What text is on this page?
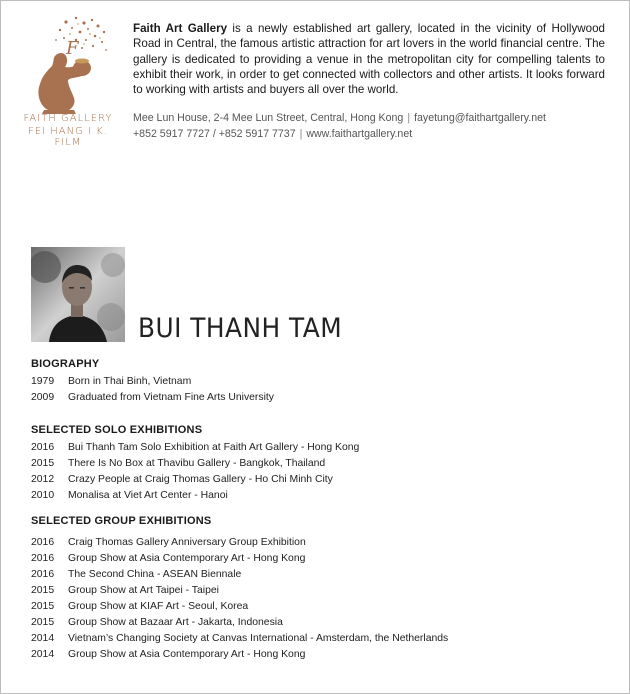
F
FAITH GALLERY
FEI HANG I K. FILM
Faith Art Gallery is a newly established art gallery, located in the vicinity of Hollywood Road in Central, the famous artistic attraction for art lovers in the world financial centre. The gallery is dedicated to providing a venue in the metropolitan city for compelling talents to exhibit their work, in order to get connected with collectors and other artists. It looks forward to working with artists and buyers all over the world.
Mee Lun House, 2-4 Mee Lun Street, Central, Hong Kong | fayetung@faithartgallery.net
+852 5917 7727 / +852 5917 7737 | www.faithartgallery.net
BUI THANH TAM
BIOGRAPHY
1979	Born in Thai Binh, Vietnam
2009	Graduated from Vietnam Fine Arts University
SELECTED SOLO EXHIBITIONS
2016	Bui Thanh Tam Solo Exhibition at Faith Art Gallery - Hong Kong
2015	There Is No Box at Thavibu Gallery - Bangkok, Thailand
2012	Crazy People at Craig Thomas Gallery - Ho Chi Minh City
2010	Monalisa at Viet Art Center - Hanoi
SELECTED GROUP EXHIBITIONS
2016	Craig Thomas Gallery Anniversary Group Exhibition
2016	Group Show at Asia Contemporary Art - Hong Kong
2016	The Second China - ASEAN Biennale
2015	Group Show at Art Taipei - Taipei
2015	Group Show at KIAF Art - Seoul, Korea
2015	Group Show at Bazaar Art - Jakarta, Indonesia
2014	Vietnam’s Changing Society at Canvas International - Amsterdam, the Netherlands
2014	Group Show at Asia Contemporary Art - Hong Kong
